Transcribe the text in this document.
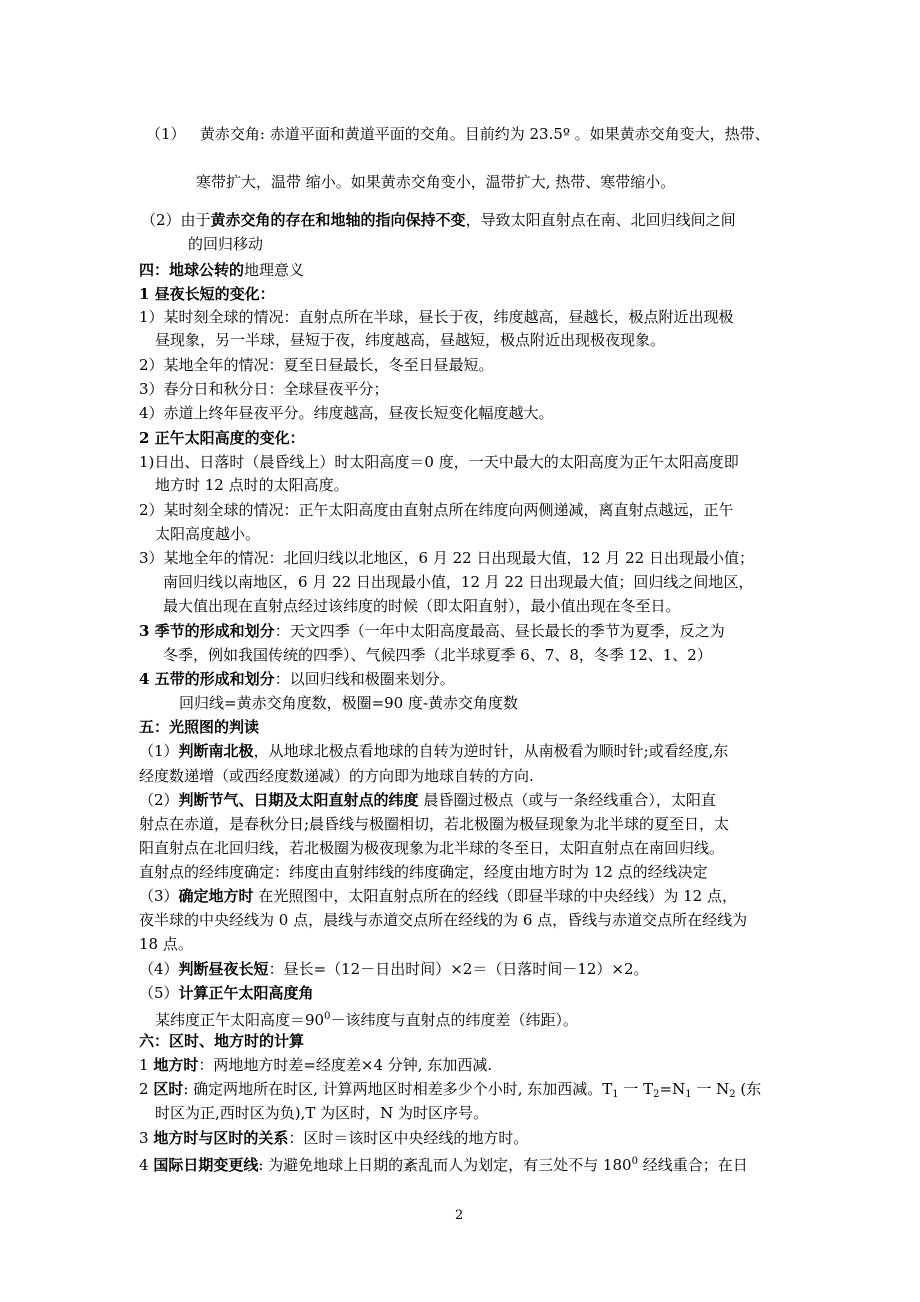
（1） 黄赤交角: 赤道平面和黄道平面的交角。目前约为 23.5º 。如果黄赤交角变大，热带、
寒带扩大，温带 缩小。如果黄赤交角变小，温带扩大, 热带、寒带缩小。
（2）由于黄赤交角的存在和地轴的指向保持不变，导致太阳直射点在南、北回归线间之间
的回归移动
四：地球公转的地理意义
1 昼夜长短的变化：
1）某时刻全球的情况：直射点所在半球，昼长于夜，纬度越高，昼越长，极点附近出现极
昼现象，另一半球，昼短于夜，纬度越高，昼越短，极点附近出现极夜现象。
2）某地全年的情况：夏至日昼最长，冬至日昼最短。
3）春分日和秋分日：全球昼夜平分；
4）赤道上终年昼夜平分。纬度越高，昼夜长短变化幅度越大。
2 正午太阳高度的变化：
1)日出、日落时（晨昏线上）时太阳高度＝0 度，一天中最大的太阳高度为正午太阳高度即
地方时 12 点时的太阳高度。
2）某时刻全球的情况：正午太阳高度由直射点所在纬度向两侧递减，离直射点越远，正午
太阳高度越小。
3）某地全年的情况：北回归线以北地区，6 月 22 日出现最大值，12 月 22 日出现最小值；
南回归线以南地区，6 月 22 日出现最小值，12 月 22 日出现最大值；回归线之间地区，
最大值出现在直射点经过该纬度的时候（即太阳直射），最小值出现在冬至日。
3 季节的形成和划分：天文四季（一年中太阳高度最高、昼长最长的季节为夏季，反之为
冬季，例如我国传统的四季）、气候四季（北半球夏季 6、7、8，冬季 12、1、2）
4 五带的形成和划分：以回归线和极圈来划分。
回归线=黄赤交角度数，极圈=90 度-黄赤交角度数
五：光照图的判读
（1）判断南北极，从地球北极点看地球的自转为逆时针，从南极看为顺时针;或看经度,东
经度数递增（或西经度数递减）的方向即为地球自转的方向.
（2）判断节气、日期及太阳直射点的纬度 晨昏圈过极点（或与一条经线重合），太阳直
射点在赤道，是春秋分日;晨昏线与极圈相切，若北极圈为极昼现象为北半球的夏至日，太
阳直射点在北回归线，若北极圈为极夜现象为北半球的冬至日，太阳直射点在南回归线。
直射点的经纬度确定：纬度由直射纬线的纬度确定，经度由地方时为 12 点的经线决定
（3）确定地方时 在光照图中，太阳直射点所在的经线（即昼半球的中央经线）为 12 点，
夜半球的中央经线为 0 点，晨线与赤道交点所在经线的为 6 点，昏线与赤道交点所在经线为
18 点。
（4）判断昼夜长短：昼长=（12－日出时间）×2＝（日落时间－12）×2。
（5）计算正午太阳高度角
某纬度正午太阳高度$=90^0-$该纬度与直射点的纬度差（纬距）。
六：区时、地方时的计算
1 地方时：两地地方时差=经度差×4 分钟, 东加西减.
2 区时: 确定两地所在时区, 计算两地区时相差多少个小时, 东加西减。$T_1$ 一 $T_2=N_1$ 一 $N_2$ (东
时区为正,西时区为负),T 为区时，N 为时区序号。
3 地方时与区时的关系：区时＝该时区中央经线的地方时。
4 国际日期变更线: 为避免地球上日期的紊乱而人为划定，有三处不与 $180^0$ 经线重合；在日
2
